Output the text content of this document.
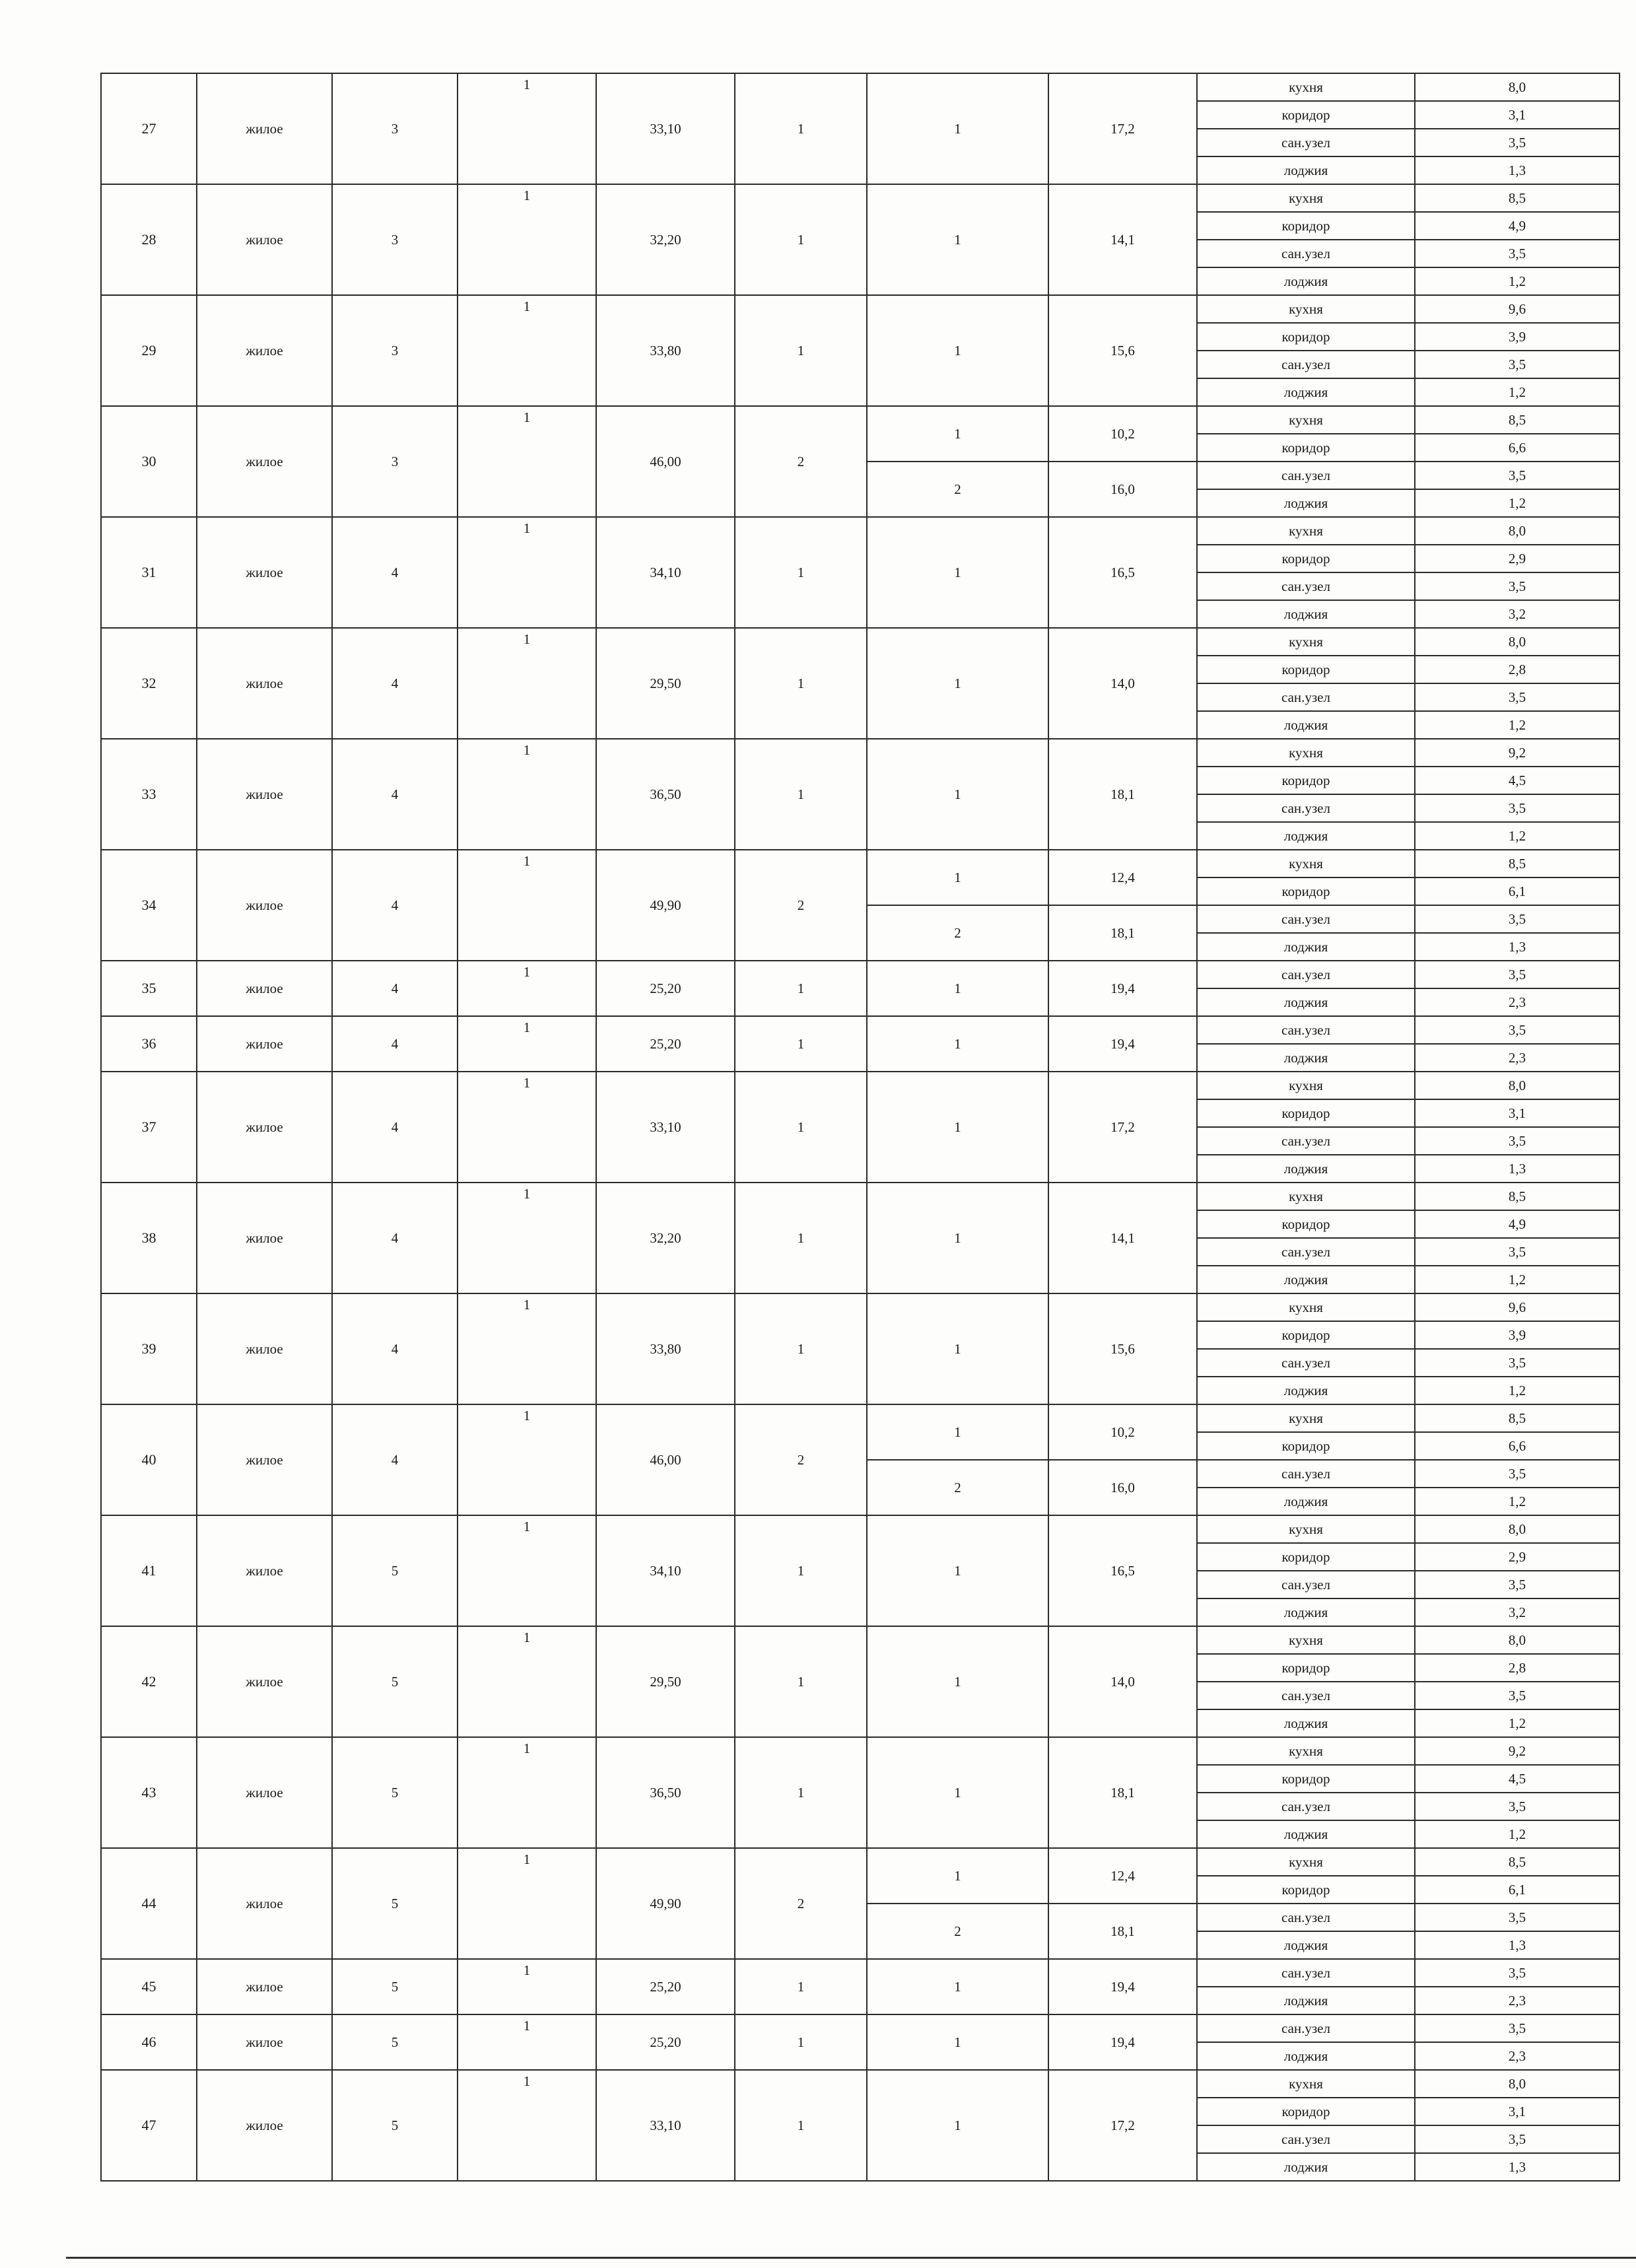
27	жилое	3	1	33,10	1	1	17,2	кухня	8,0
								коридор	3,1
								сан.узел	3,5
								лоджия	1,3
28	жилое	3	1	32,20	1	1	14,1	кухня	8,5
								коридор	4,9
								сан.узел	3,5
								лоджия	1,2
29	жилое	3	1	33,80	1	1	15,6	кухня	9,6
								коридор	3,9
								сан.узел	3,5
								лоджия	1,2
30	жилое	3	1	46,00	2	1	10,2	кухня	8,5
								коридор	6,6
						2	16,0	сан.узел	3,5
								лоджия	1,2
31	жилое	4	1	34,10	1	1	16,5	кухня	8,0
								коридор	2,9
								сан.узел	3,5
								лоджия	3,2
32	жилое	4	1	29,50	1	1	14,0	кухня	8,0
								коридор	2,8
								сан.узел	3,5
								лоджия	1,2
33	жилое	4	1	36,50	1	1	18,1	кухня	9,2
								коридор	4,5
								сан.узел	3,5
								лоджия	1,2
34	жилое	4	1	49,90	2	1	12,4	кухня	8,5
								коридор	6,1
						2	18,1	сан.узел	3,5
								лоджия	1,3
35	жилое	4	1	25,20	1	1	19,4	сан.узел	3,5
								лоджия	2,3
36	жилое	4	1	25,20	1	1	19,4	сан.узел	3,5
								лоджия	2,3
37	жилое	4	1	33,10	1	1	17,2	кухня	8,0
								коридор	3,1
								сан.узел	3,5
								лоджия	1,3
38	жилое	4	1	32,20	1	1	14,1	кухня	8,5
								коридор	4,9
								сан.узел	3,5
								лоджия	1,2
39	жилое	4	1	33,80	1	1	15,6	кухня	9,6
								коридор	3,9
								сан.узел	3,5
								лоджия	1,2
40	жилое	4	1	46,00	2	1	10,2	кухня	8,5
								коридор	6,6
						2	16,0	сан.узел	3,5
								лоджия	1,2
41	жилое	5	1	34,10	1	1	16,5	кухня	8,0
								коридор	2,9
								сан.узел	3,5
								лоджия	3,2
42	жилое	5	1	29,50	1	1	14,0	кухня	8,0
								коридор	2,8
								сан.узел	3,5
								лоджия	1,2
43	жилое	5	1	36,50	1	1	18,1	кухня	9,2
								коридор	4,5
								сан.узел	3,5
								лоджия	1,2
44	жилое	5	1	49,90	2	1	12,4	кухня	8,5
								коридор	6,1
						2	18,1	сан.узел	3,5
								лоджия	1,3
45	жилое	5	1	25,20	1	1	19,4	сан.узел	3,5
								лоджия	2,3
46	жилое	5	1	25,20	1	1	19,4	сан.узел	3,5
								лоджия	2,3
47	жилое	5	1	33,10	1	1	17,2	кухня	8,0
								коридор	3,1
								сан.узел	3,5
								лоджия	1,3
